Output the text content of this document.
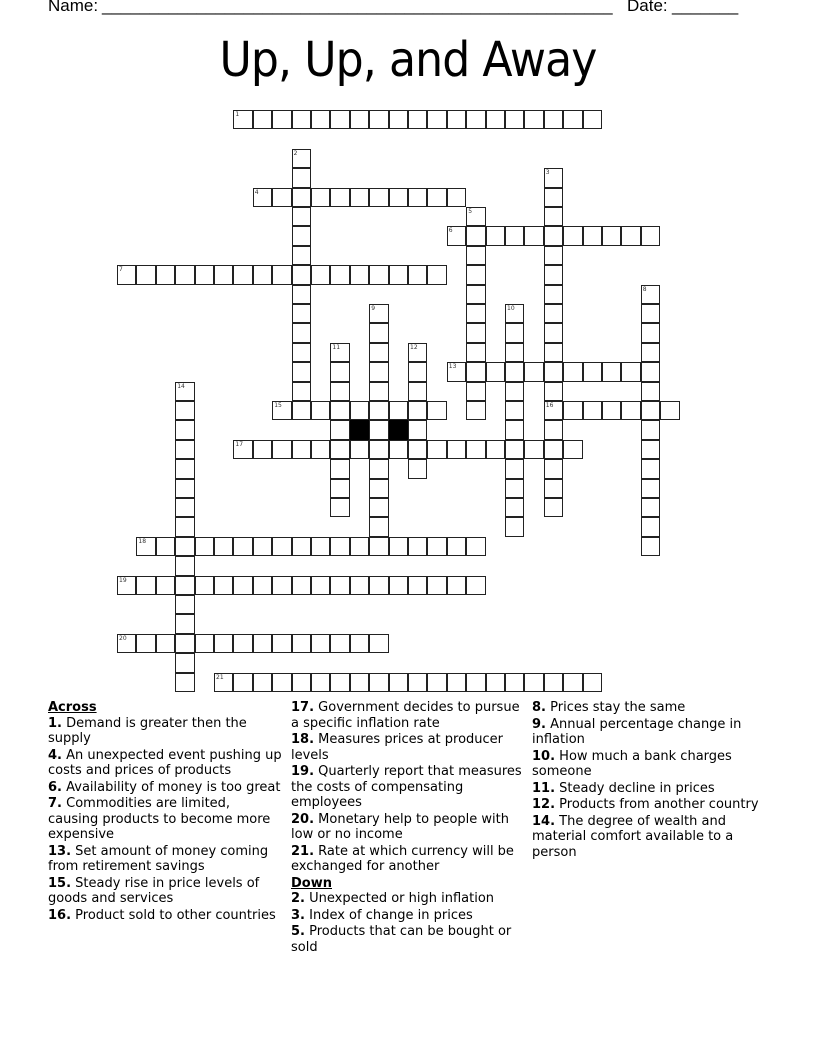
Name: ______________________________________________________ Date: _______
Up, Up, and Away
1
4
6
7
13
15	16
17
18
19
20
21
2
3
5
8
9	10
11	12
14
Across
1. Demand is greater then the supply
4. An unexpected event pushing up costs and prices of products
6. Availability of money is too great
7. Commodities are limited, causing products to become more expensive
13. Set amount of money coming from retirement savings
15. Steady rise in price levels of goods and services
16. Product sold to other countries
17. Government decides to pursue a specific inflation rate
18. Measures prices at producer levels
19. Quarterly report that measures the costs of compensating employees
20. Monetary help to people with low or no income
21. Rate at which currency will be exchanged for another
Down
2. Unexpected or high inflation
3. Index of change in prices
5. Products that can be bought or sold
8. Prices stay the same
9. Annual percentage change in inflation
10. How much a bank charges someone
11. Steady decline in prices
12. Products from another country
14. The degree of wealth and material comfort available to a person
